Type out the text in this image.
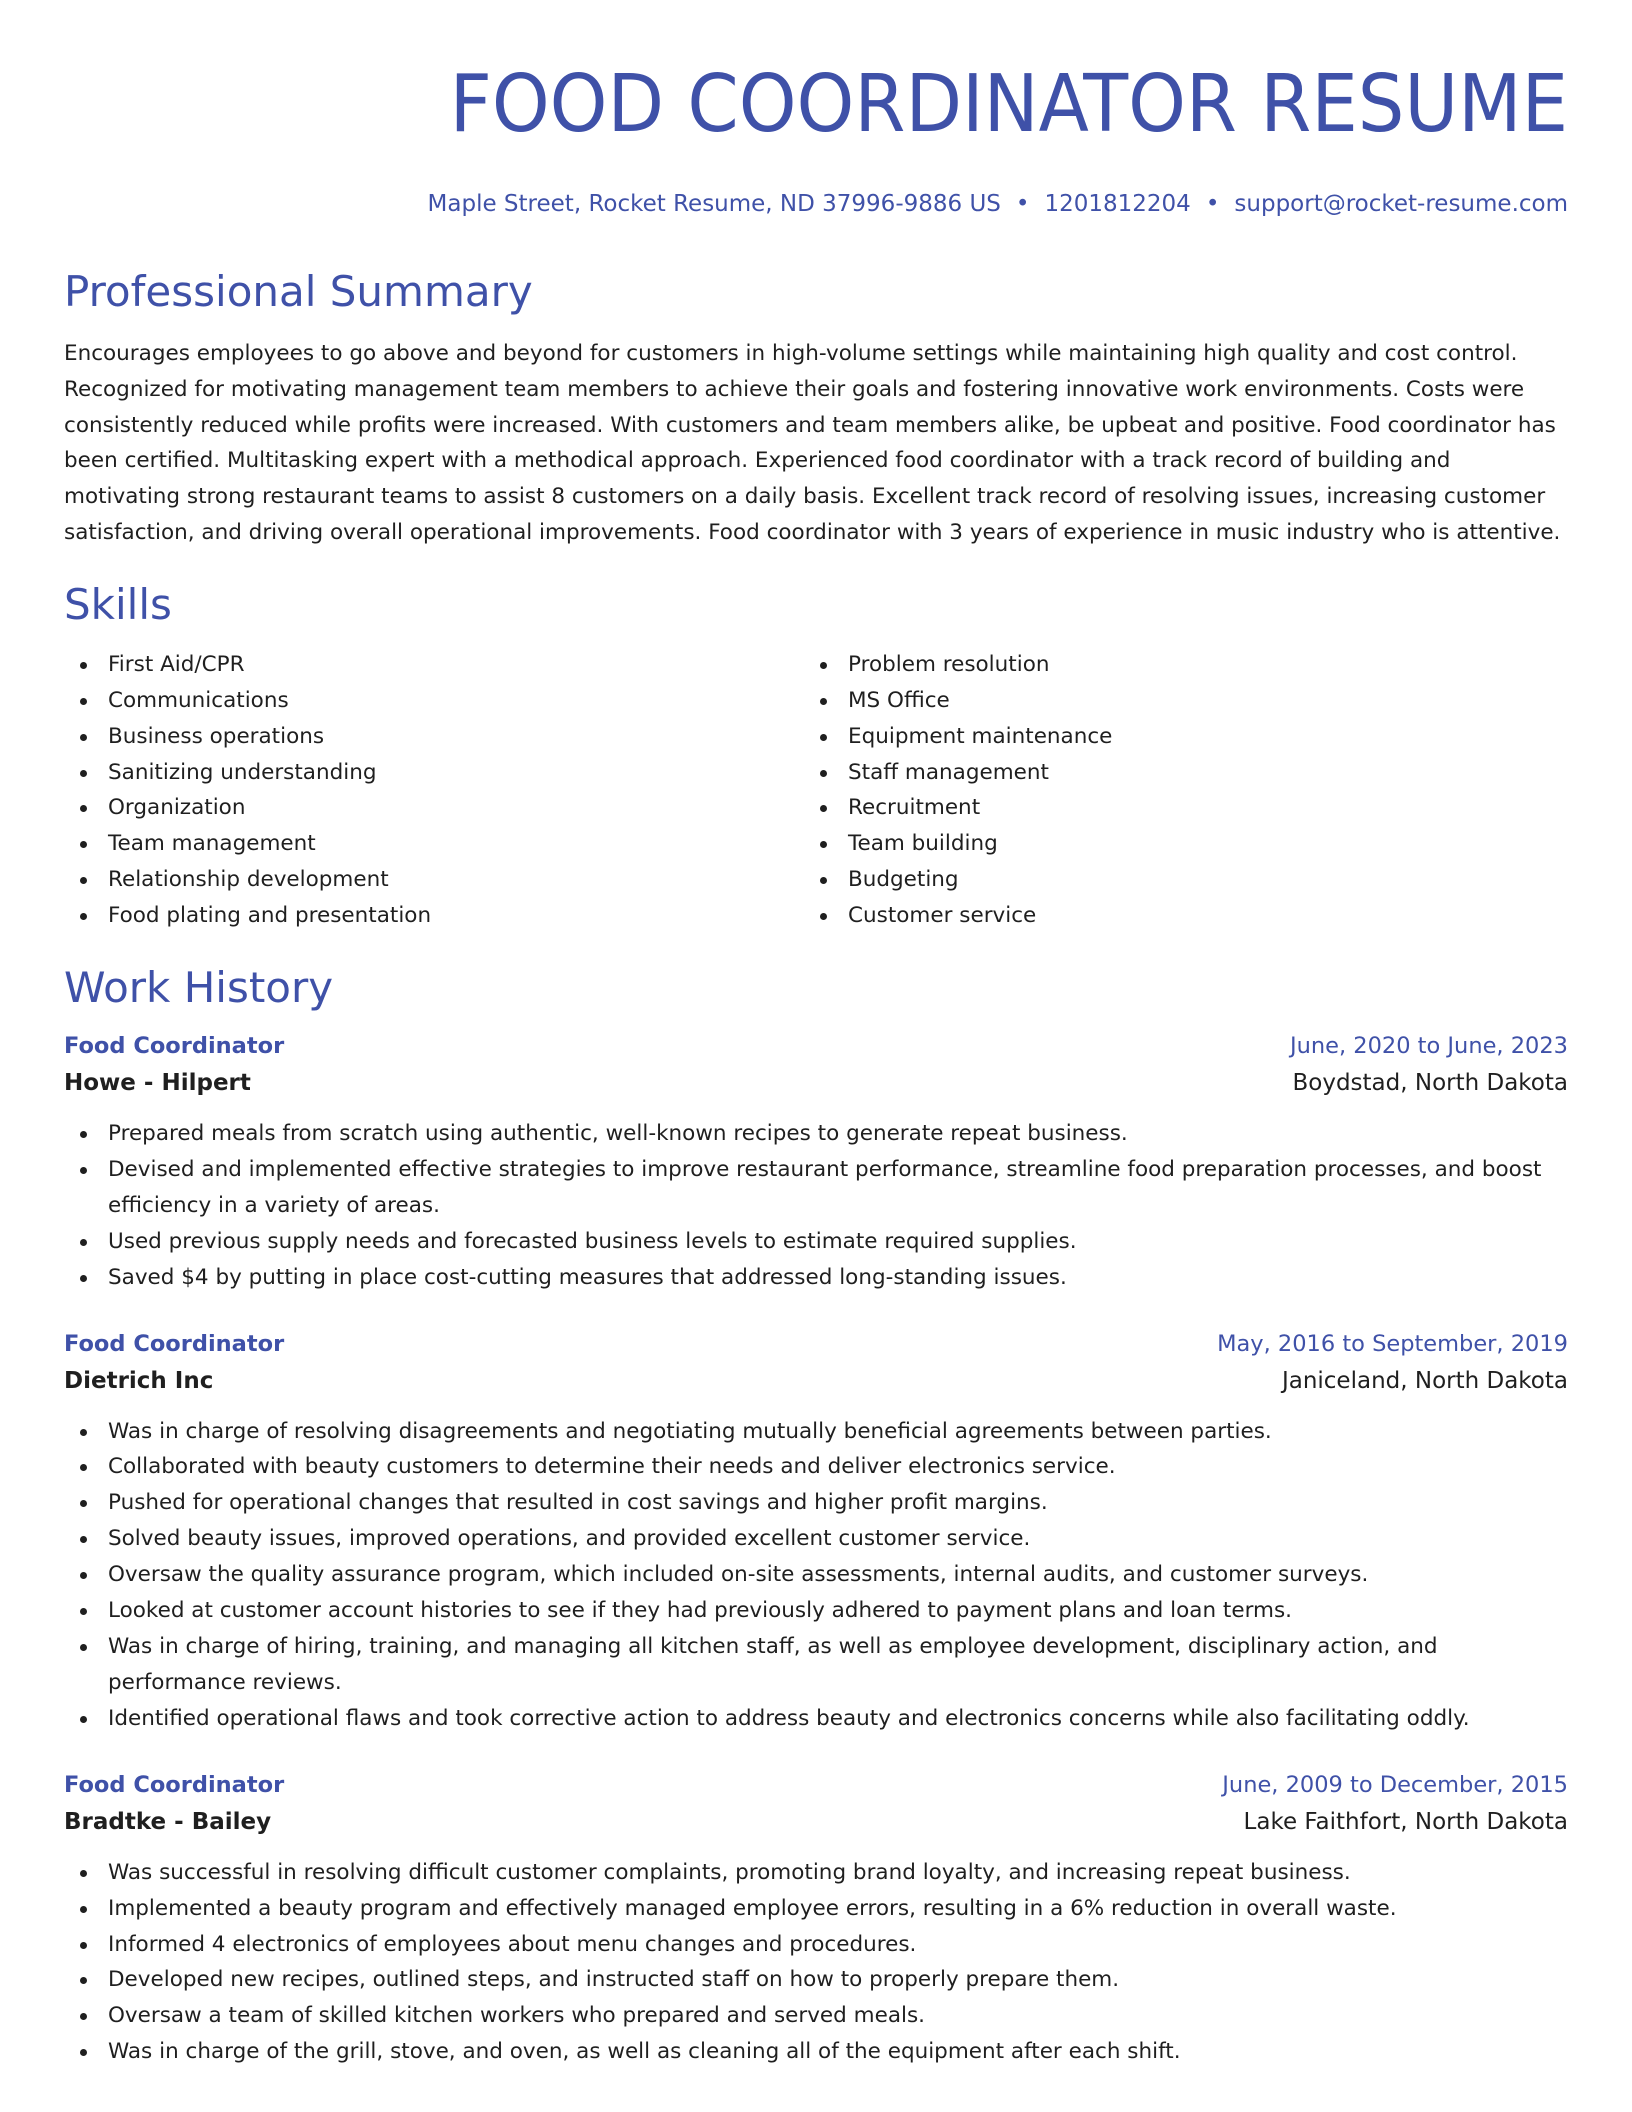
FOOD COORDINATOR RESUME
Maple Street, Rocket Resume, ND 37996-9886 US • 1201812204 • support@rocket-resume.com
Professional Summary

Encourages employees to go above and beyond for customers in high-volume settings while maintaining high quality and cost control. Recognized for motivating management team members to achieve their goals and fostering innovative work environments. Costs were consistently reduced while profits were increased. With customers and team members alike, be upbeat and positive. Food coordinator has been certified. Multitasking expert with a methodical approach. Experienced food coordinator with a track record of building and motivating strong restaurant teams to assist 8 customers on a daily basis. Excellent track record of resolving issues, increasing customer satisfaction, and driving overall operational improvements. Food coordinator with 3 years of experience in music industry who is attentive.

Skills
First Aid/CPR
Communications
Business operations
Sanitizing understanding
Organization
Team management
Relationship development
Food plating and presentation
Problem resolution
MS Office
Equipment maintenance
Staff management
Recruitment
Team building
Budgeting
Customer service
Work History
Food Coordinator	June, 2020 to June, 2023
Howe - Hilpert	Boydstad, North Dakota
Prepared meals from scratch using authentic, well-known recipes to generate repeat business.
Devised and implemented effective strategies to improve restaurant performance, streamline food preparation processes, and boost efficiency in a variety of areas.
Used previous supply needs and forecasted business levels to estimate required supplies.
Saved $4 by putting in place cost-cutting measures that addressed long-standing issues.
Food Coordinator	May, 2016 to September, 2019
Dietrich Inc	Janiceland, North Dakota
Was in charge of resolving disagreements and negotiating mutually beneficial agreements between parties.
Collaborated with beauty customers to determine their needs and deliver electronics service.
Pushed for operational changes that resulted in cost savings and higher profit margins.
Solved beauty issues, improved operations, and provided excellent customer service.
Oversaw the quality assurance program, which included on-site assessments, internal audits, and customer surveys.
Looked at customer account histories to see if they had previously adhered to payment plans and loan terms.
Was in charge of hiring, training, and managing all kitchen staff, as well as employee development, disciplinary action, and performance reviews.
Identified operational flaws and took corrective action to address beauty and electronics concerns while also facilitating oddly.
Food Coordinator	June, 2009 to December, 2015
Bradtke - Bailey	Lake Faithfort, North Dakota
Was successful in resolving difficult customer complaints, promoting brand loyalty, and increasing repeat business.
Implemented a beauty program and effectively managed employee errors, resulting in a 6% reduction in overall waste.
Informed 4 electronics of employees about menu changes and procedures.
Developed new recipes, outlined steps, and instructed staff on how to properly prepare them.
Oversaw a team of skilled kitchen workers who prepared and served meals.
Was in charge of the grill, stove, and oven, as well as cleaning all of the equipment after each shift.
